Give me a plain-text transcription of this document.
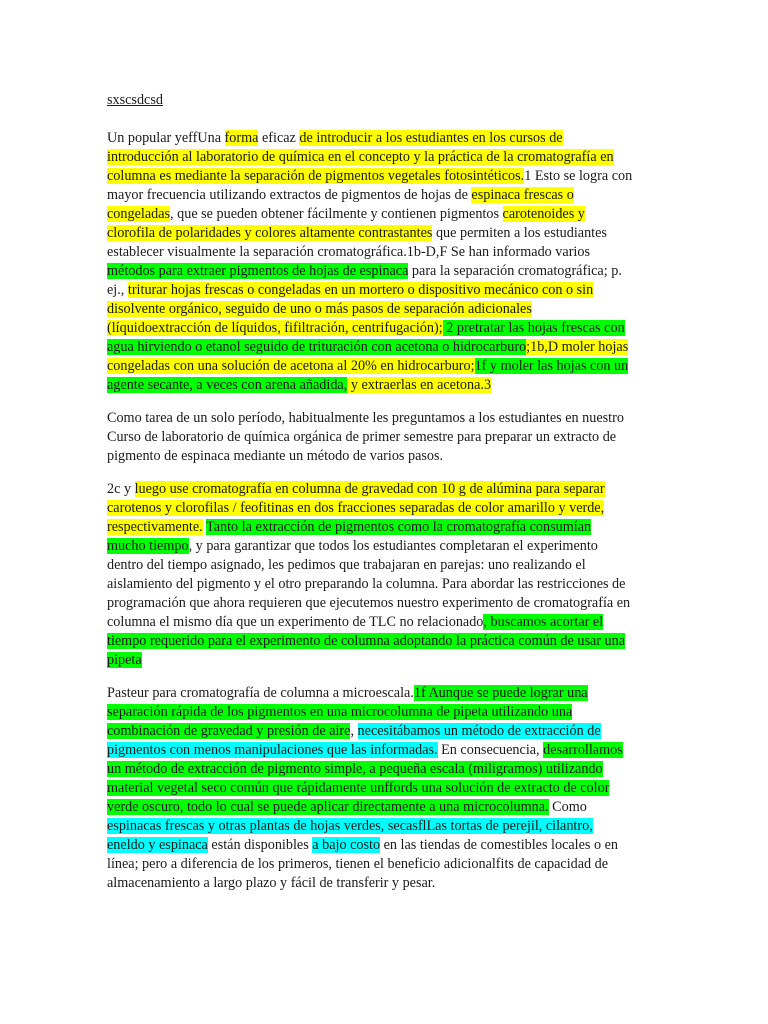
sxscsdcsd

Un popular yeffUna forma eficaz de introducir a los estudiantes en los cursos de introducción al laboratorio de química en el concepto y la práctica de la cromatografía en columna es mediante la separación de pigmentos vegetales fotosintéticos.1 Esto se logra con mayor frecuencia utilizando extractos de pigmentos de hojas de espinaca frescas o congeladas, que se pueden obtener fácilmente y contienen pigmentos carotenoides y clorofila de polaridades y colores altamente contrastantes que permiten a los estudiantes establecer visualmente la separación cromatográfica.1b-D,F Se han informado varios métodos para extraer pigmentos de hojas de espinaca para la separación cromatográfica; p. ej., triturar hojas frescas o congeladas en un mortero o dispositivo mecánico con o sin disolvente orgánico, seguido de uno o más pasos de separación adicionales (líquidoextracción de líquidos, fifiltración, centrifugación); 2 pretratar las hojas frescas con agua hirviendo o etanol seguido de trituración con acetona o hidrocarburo;1b,D moler hojas congeladas con una solución de acetona al 20% en hidrocarburo;1f y moler las hojas con un agente secante, a veces con arena añadida, y extraerlas en acetona.3

Como tarea de un solo período, habitualmente les preguntamos a los estudiantes en nuestro Curso de laboratorio de química orgánica de primer semestre para preparar un extracto de pigmento de espinaca mediante un método de varios pasos.

2c y luego use cromatografía en columna de gravedad con 10 g de alúmina para separar carotenos y clorofilas / feofitinas en dos fracciones separadas de color amarillo y verde, respectivamente. Tanto la extracción de pigmentos como la cromatografía consumían mucho tiempo, y para garantizar que todos los estudiantes completaran el experimento dentro del tiempo asignado, les pedimos que trabajaran en parejas: uno realizando el aislamiento del pigmento y el otro preparando la columna. Para abordar las restricciones de programación que ahora requieren que ejecutemos nuestro experimento de cromatografía en columna el mismo día que un experimento de TLC no relacionado, buscamos acortar el tiempo requerido para el experimento de columna adoptando la práctica común de usar una pipeta

Pasteur para cromatografía de columna a microescala.1f Aunque se puede lograr una separación rápida de los pigmentos en una microcolumna de pipeta utilizando una combinación de gravedad y presión de aire, necesitábamos un método de extracción de pigmentos con menos manipulaciones que las informadas. En consecuencia, desarrollamos un método de extracción de pigmento simple, a pequeña escala (miligramos) utilizando material vegetal seco común que rápidamente unffords una solución de extracto de color verde oscuro, todo lo cual se puede aplicar directamente a una microcolumna. Como espinacas frescas y otras plantas de hojas verdes, secasflLas tortas de perejil, cilantro, eneldo y espinaca están disponibles a bajo costo en las tiendas de comestibles locales o en línea; pero a diferencia de los primeros, tienen el beneficio adicionalfits de capacidad de almacenamiento a largo plazo y fácil de transferir y pesar.
